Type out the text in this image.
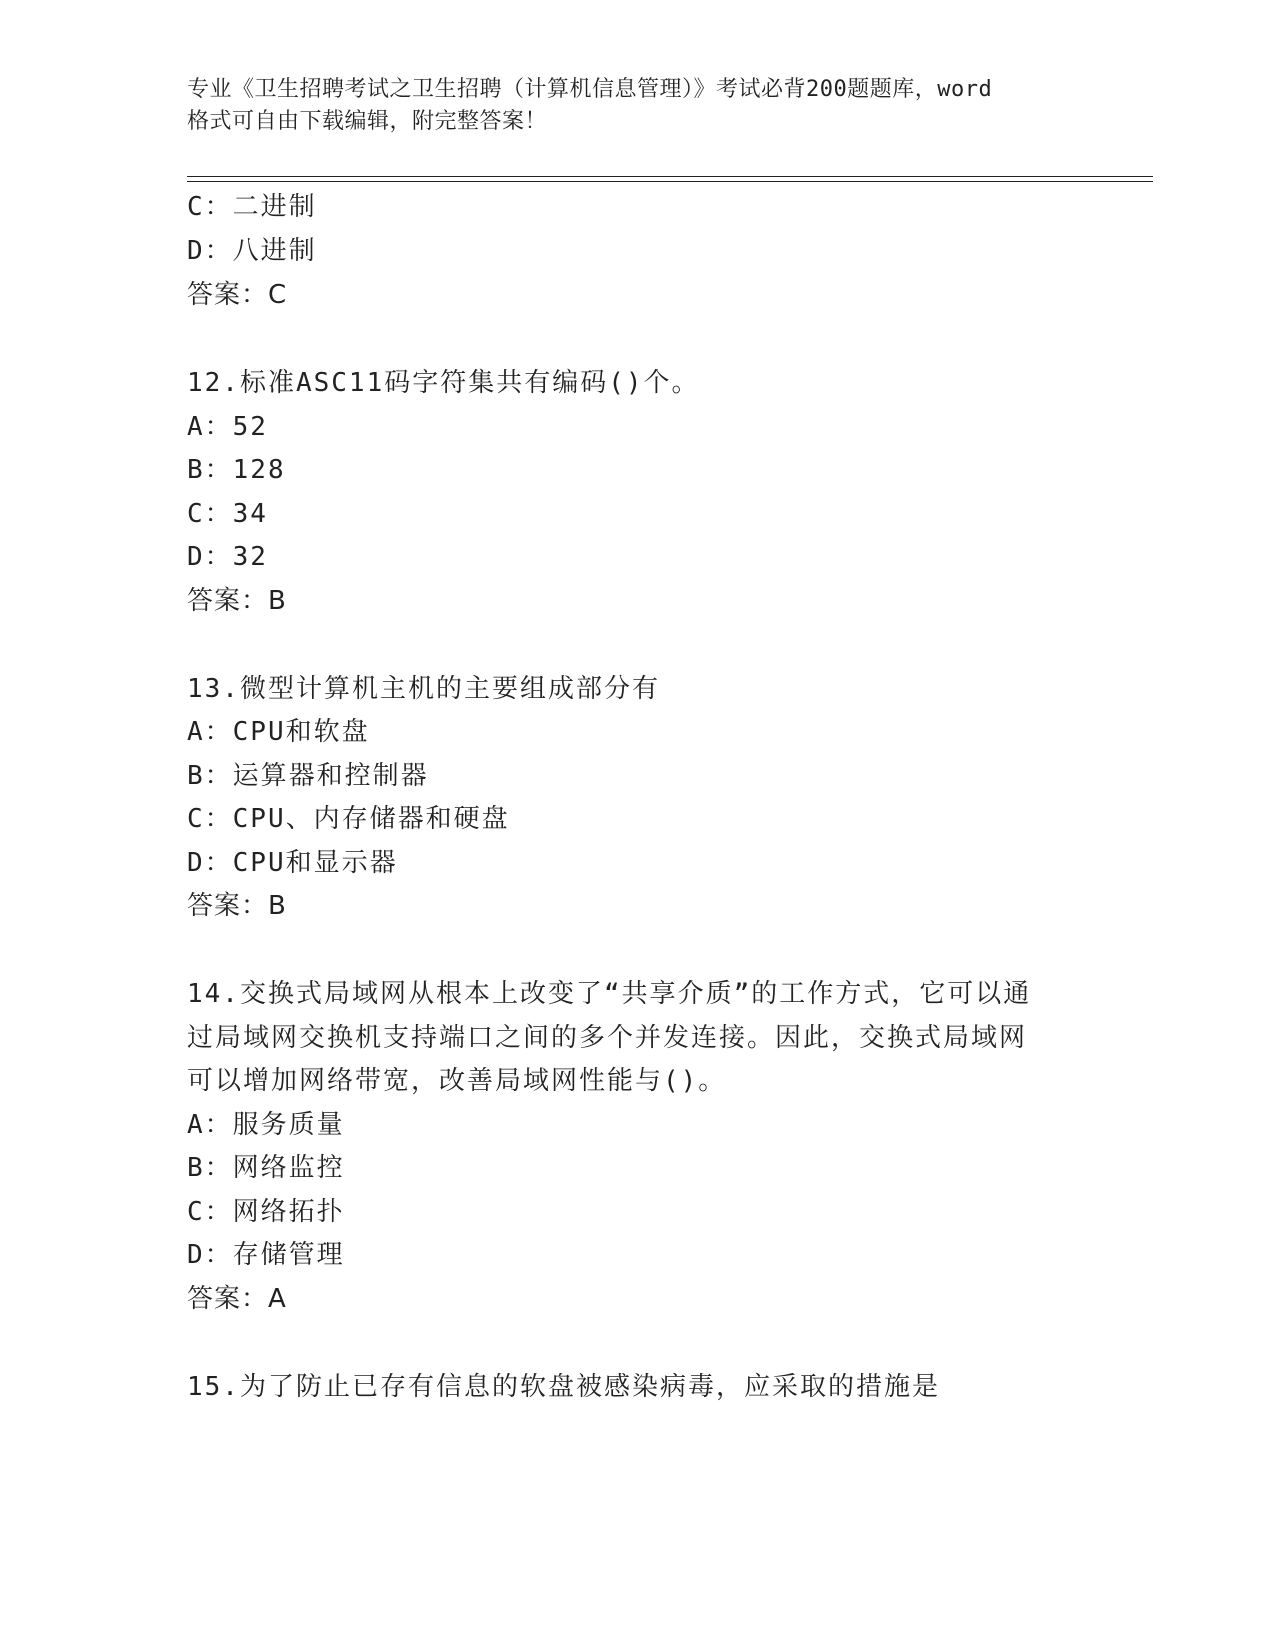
专业《卫生招聘考试之卫生招聘（计算机信息管理）》考试必背200题题库，word
格式可自由下载编辑，附完整答案！
C：二进制
D：八进制
答案：C
12.标准ASC11码字符集共有编码()个。
A：52
B：128
C：34
D：32
答案：B
13.微型计算机主机的主要组成部分有
A：CPU和软盘
B：运算器和控制器
C：CPU、内存储器和硬盘
D：CPU和显示器
答案：B
14.交换式局域网从根本上改变了“共享介质”的工作方式，它可以通
过局域网交换机支持端口之间的多个并发连接。因此，交换式局域网
可以增加网络带宽，改善局域网性能与()。
A：服务质量
B：网络监控
C：网络拓扑
D：存储管理
答案：A
15.为了防止已存有信息的软盘被感染病毒，应采取的措施是
